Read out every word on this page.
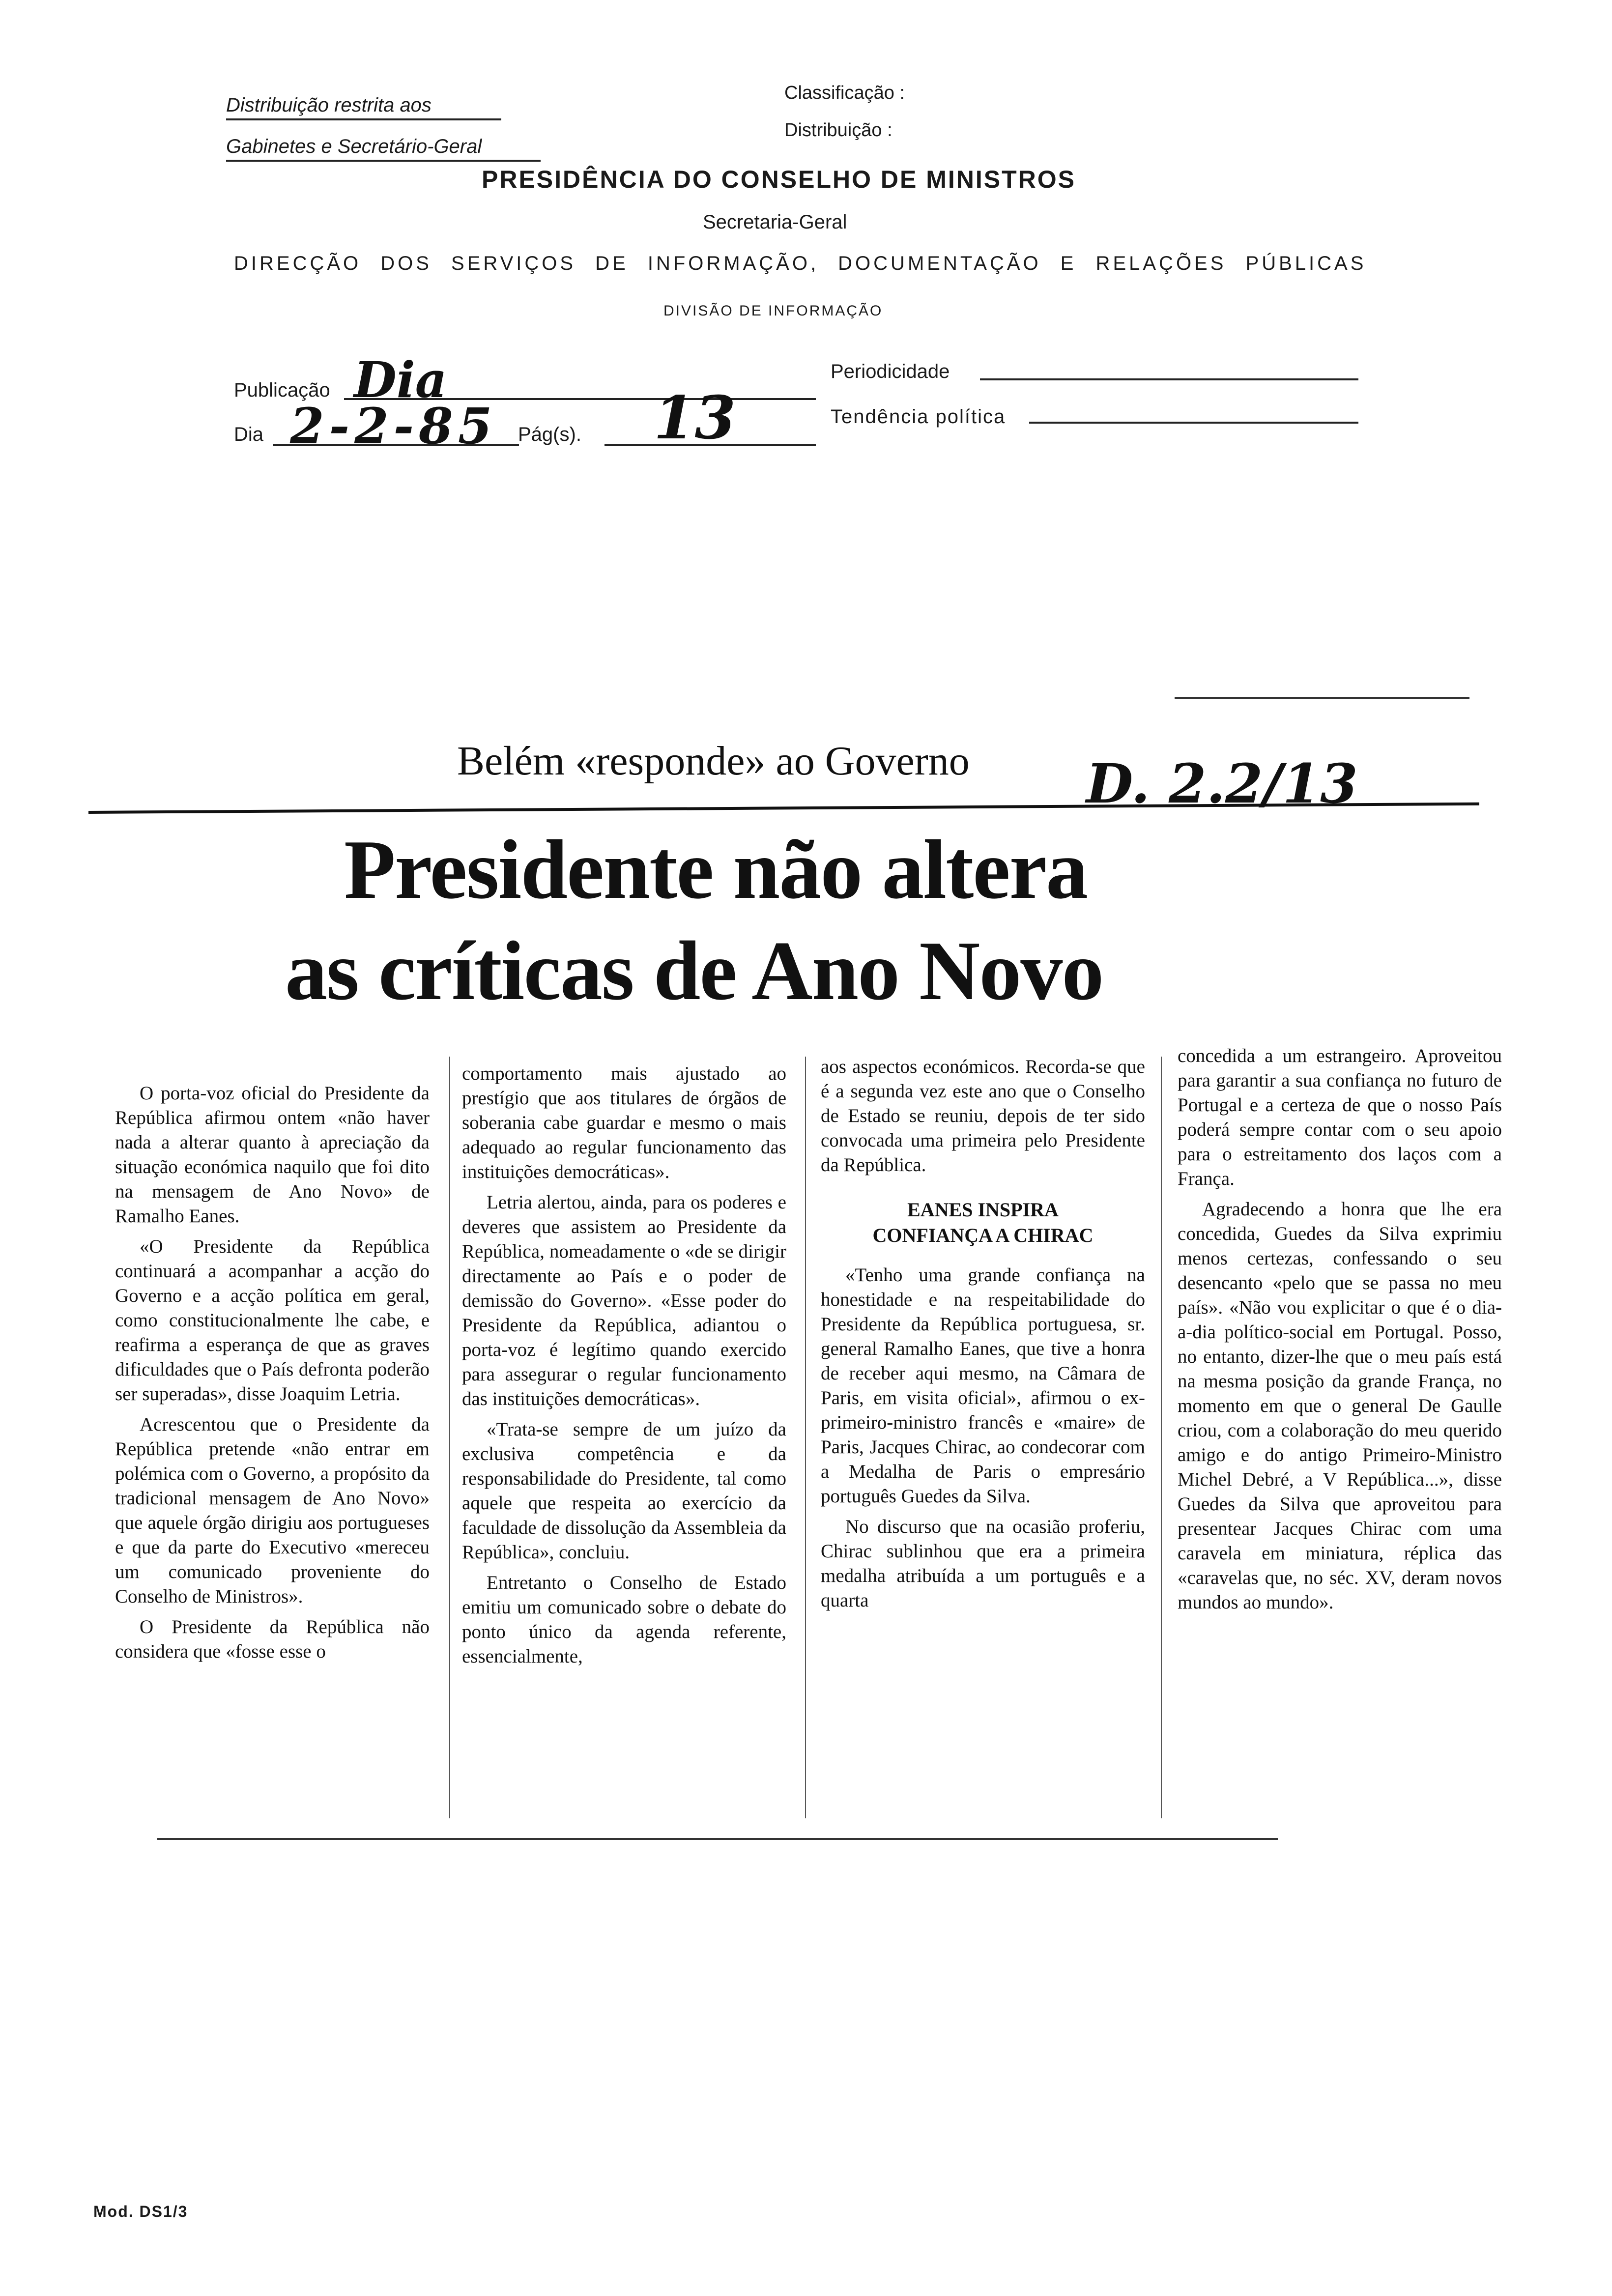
Distribuição restrita aos
Gabinetes e Secretário-Geral
Classificação :
Distribuição :
PRESIDÊNCIA DO CONSELHO DE MINISTROS
Secretaria-Geral
DIRECÇÃO DOS SERVIÇOS DE INFORMAÇÃO, DOCUMENTAÇÃO E RELAÇÕES PÚBLICAS
DIVISÃO DE INFORMAÇÃO
Publicação Dia
Dia 2-2-85 Pág(s). 13
Periodicidade
Tendência política
Belém «responde» ao Governo D. 2.2/13
Presidente não altera
as críticas de Ano Novo

O porta-voz oficial do Presidente da República afirmou ontem «não haver nada a alterar quanto à apreciação da situação económica naquilo que foi dito na mensagem de Ano Novo» de Ramalho Eanes.

«O Presidente da República continuará a acompanhar a acção do Governo e a acção política em geral, como constitucionalmente lhe cabe, e reafirma a esperança de que as graves dificuldades que o País defronta poderão ser superadas», disse Joaquim Letria.

Acrescentou que o Presidente da República pretende «não entrar em polémica com o Governo, a propósito da tradicional mensagem de Ano Novo» que aquele órgão dirigiu aos portugueses e que da parte do Executivo «mereceu um comunicado proveniente do Conselho de Ministros».

O Presidente da República não considera que «fosse esse o

comportamento mais ajustado ao prestígio que aos titulares de órgãos de soberania cabe guardar e mesmo o mais adequado ao regular funcionamento das instituições democráticas».

Letria alertou, ainda, para os poderes e deveres que assistem ao Presidente da República, nomeadamente o «de se dirigir directamente ao País e o poder de demissão do Governo». «Esse poder do Presidente da República, adiantou o porta-voz é legítimo quando exercido para assegurar o regular funcionamento das instituições democráticas».

«Trata-se sempre de um juízo da exclusiva competência e da responsabilidade do Presidente, tal como aquele que respeita ao exercício da faculdade de dissolução da Assembleia da República», concluiu.

Entretanto o Conselho de Estado emitiu um comunicado sobre o debate do ponto único da agenda referente, essencialmente,

aos aspectos económicos. Recorda-se que é a segunda vez este ano que o Conselho de Estado se reuniu, depois de ter sido convocada uma primeira pelo Presidente da República.

EANES INSPIRA
CONFIANÇA A CHIRAC

«Tenho uma grande confiança na honestidade e na respeitabilidade do Presidente da República portuguesa, sr. general Ramalho Eanes, que tive a honra de receber aqui mesmo, na Câmara de Paris, em visita oficial», afirmou o ex-primeiro-ministro francês e «maire» de Paris, Jacques Chirac, ao condecorar com a Medalha de Paris o empresário português Guedes da Silva.

No discurso que na ocasião proferiu, Chirac sublinhou que era a primeira medalha atribuída a um português e a quarta

concedida a um estrangeiro. Aproveitou para garantir a sua confiança no futuro de Portugal e a certeza de que o nosso País poderá sempre contar com o seu apoio para o estreitamento dos laços com a França.

Agradecendo a honra que lhe era concedida, Guedes da Silva exprimiu menos certezas, confessando o seu desencanto «pelo que se passa no meu país». «Não vou explicitar o que é o dia-a-dia político-social em Portugal. Posso, no entanto, dizer-lhe que o meu país está na mesma posição da grande França, no momento em que o general De Gaulle criou, com a colaboração do meu querido amigo e do antigo Primeiro-Ministro Michel Debré, a V República...», disse Guedes da Silva que aproveitou para presentear Jacques Chirac com uma caravela em miniatura, réplica das «caravelas que, no séc. XV, deram novos mundos ao mundo».

Mod. DS1/3
